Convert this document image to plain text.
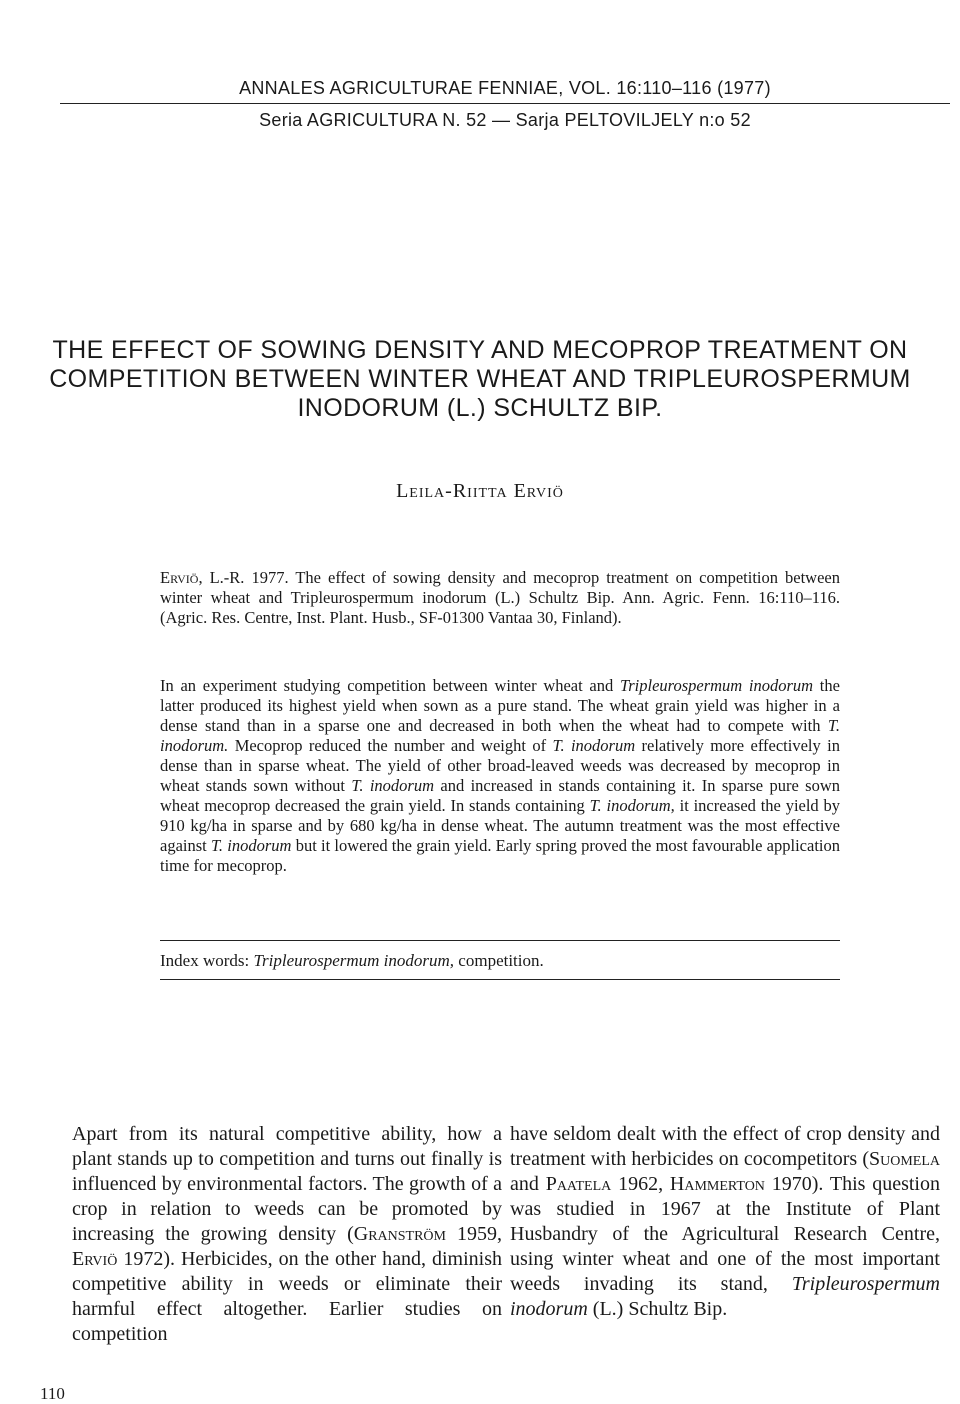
ANNALES AGRICULTURAE FENNIAE, VOL. 16:110–116 (1977)
Seria AGRICULTURA N. 52 — Sarja PELTOVILJELY n:o 52
THE EFFECT OF SOWING DENSITY AND MECOPROP TREATMENT ON
COMPETITION BETWEEN WINTER WHEAT AND TRIPLEUROSPERMUM
INODORUM (L.) SCHULTZ BIP.
Leila-Riitta Erviö
Erviö, L.-R. 1977. The effect of sowing density and mecoprop treatment on competition between winter wheat and Tripleurospermum inodorum (L.) Schultz Bip. Ann. Agric. Fenn. 16:110–116. (Agric. Res. Centre, Inst. Plant. Husb., SF-01300 Vantaa 30, Finland).
In an experiment studying competition between winter wheat and Tripleurospermum inodorum the latter produced its highest yield when sown as a pure stand. The wheat grain yield was higher in a dense stand than in a sparse one and decreased in both when the wheat had to compete with T. inodorum. Mecoprop reduced the number and weight of T. inodorum relatively more effectively in dense than in sparse wheat. The yield of other broad-leaved weeds was decreased by mecoprop in wheat stands sown without T. inodorum and increased in stands containing it. In sparse pure sown wheat mecoprop decreased the grain yield. In stands containing T. inodorum, it increased the yield by 910 kg/ha in sparse and by 680 kg/ha in dense wheat. The autumn treatment was the most effective against T. inodorum but it lowered the grain yield. Early spring proved the most favourable application time for mecoprop.
Index words: Tripleurospermum inodorum, competition.
Apart from its natural competitive ability, how a plant stands up to competition and turns out finally is influenced by environmental factors. The growth of a crop in relation to weeds can be promoted by increasing the growing density (Granström 1959, Erviö 1972). Herbicides, on the other hand, diminish competitive ability in weeds or eliminate their harmful effect altogether. Earlier studies on competition
have seldom dealt with the effect of crop density and treatment with herbicides on cocompetitors (Suomela and Paatela 1962, Hammerton 1970). This question was studied in 1967 at the Institute of Plant Husbandry of the Agricultural Research Centre, using winter wheat and one of the most important weeds invading its stand, Tripleurospermum inodorum (L.) Schultz Bip.
110
